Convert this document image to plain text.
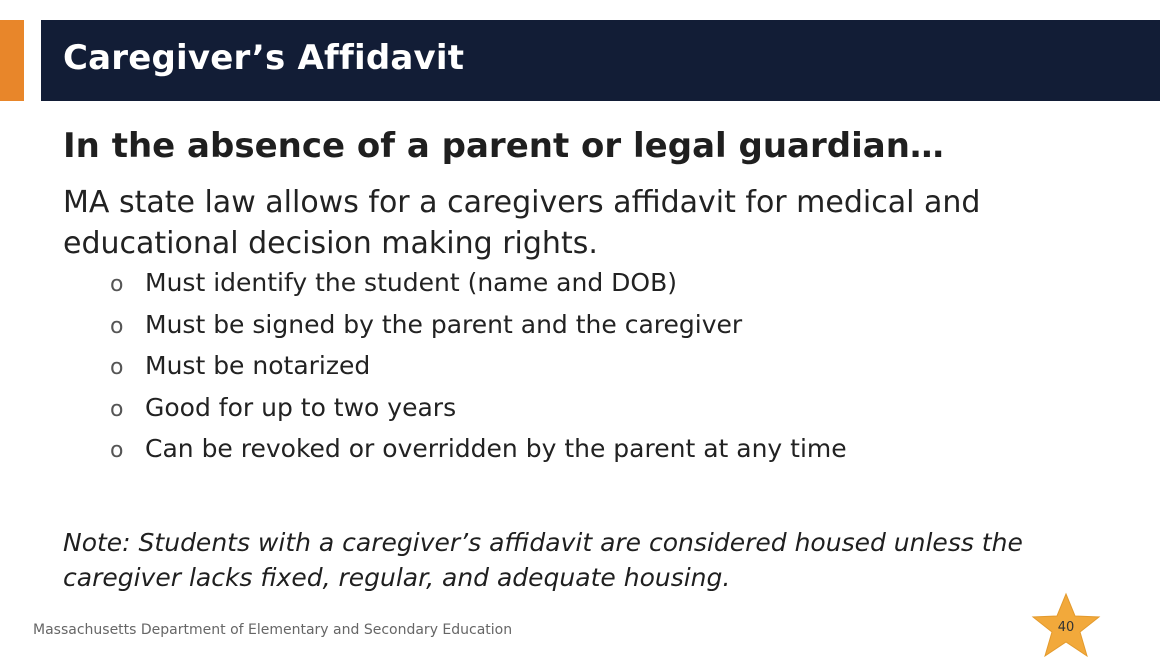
Caregiver’s Affidavit
In the absence of a parent or legal guardian…

MA state law allows for a caregivers affidavit for medical and educational decision making rights.

o Must identify the student (name and DOB)
o Must be signed by the parent and the caregiver
o Must be notarized
o Good for up to two years
o Can be revoked or overridden by the parent at any time

Note: Students with a caregiver’s affidavit are considered housed unless the caregiver lacks fixed, regular, and adequate housing.

Massachusetts Department of Elementary and Secondary Education	40
